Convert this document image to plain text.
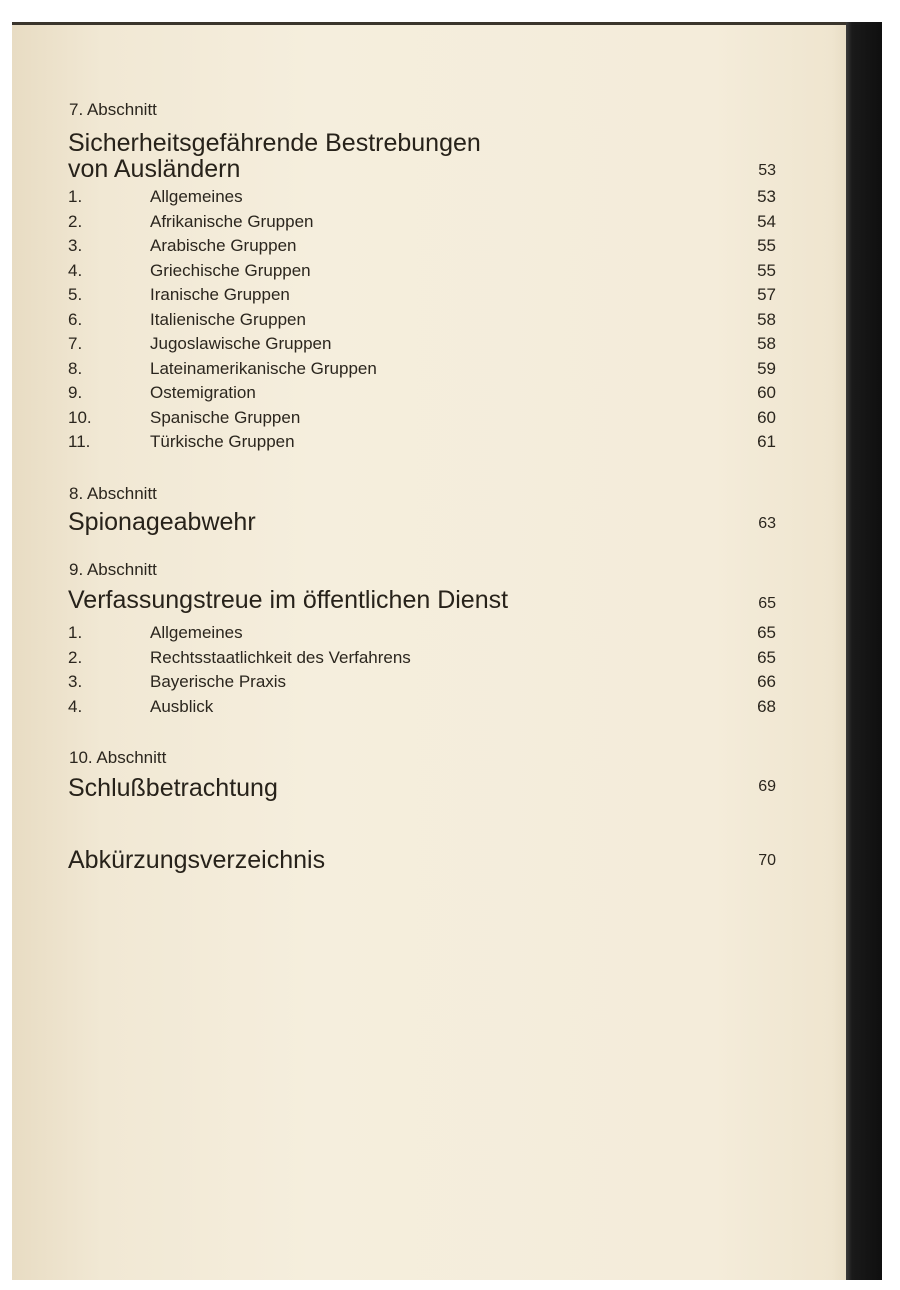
7. Abschnitt
Sicherheitsgefährende Bestrebungen
von Ausländern	53
1.	Allgemeines	53
2.	Afrikanische Gruppen	54
3.	Arabische Gruppen	55
4.	Griechische Gruppen	55
5.	Iranische Gruppen	57
6.	Italienische Gruppen	58
7.	Jugoslawische Gruppen	58
8.	Lateinamerikanische Gruppen	59
9.	Ostemigration	60
10.	Spanische Gruppen	60
11.	Türkische Gruppen	61
8. Abschnitt
Spionageabwehr	63
9. Abschnitt
Verfassungstreue im öffentlichen Dienst	65
1.	Allgemeines	65
2.	Rechtsstaatlichkeit des Verfahrens	65
3.	Bayerische Praxis	66
4.	Ausblick	68
10. Abschnitt
Schlußbetrachtung	69
Abkürzungsverzeichnis	70
